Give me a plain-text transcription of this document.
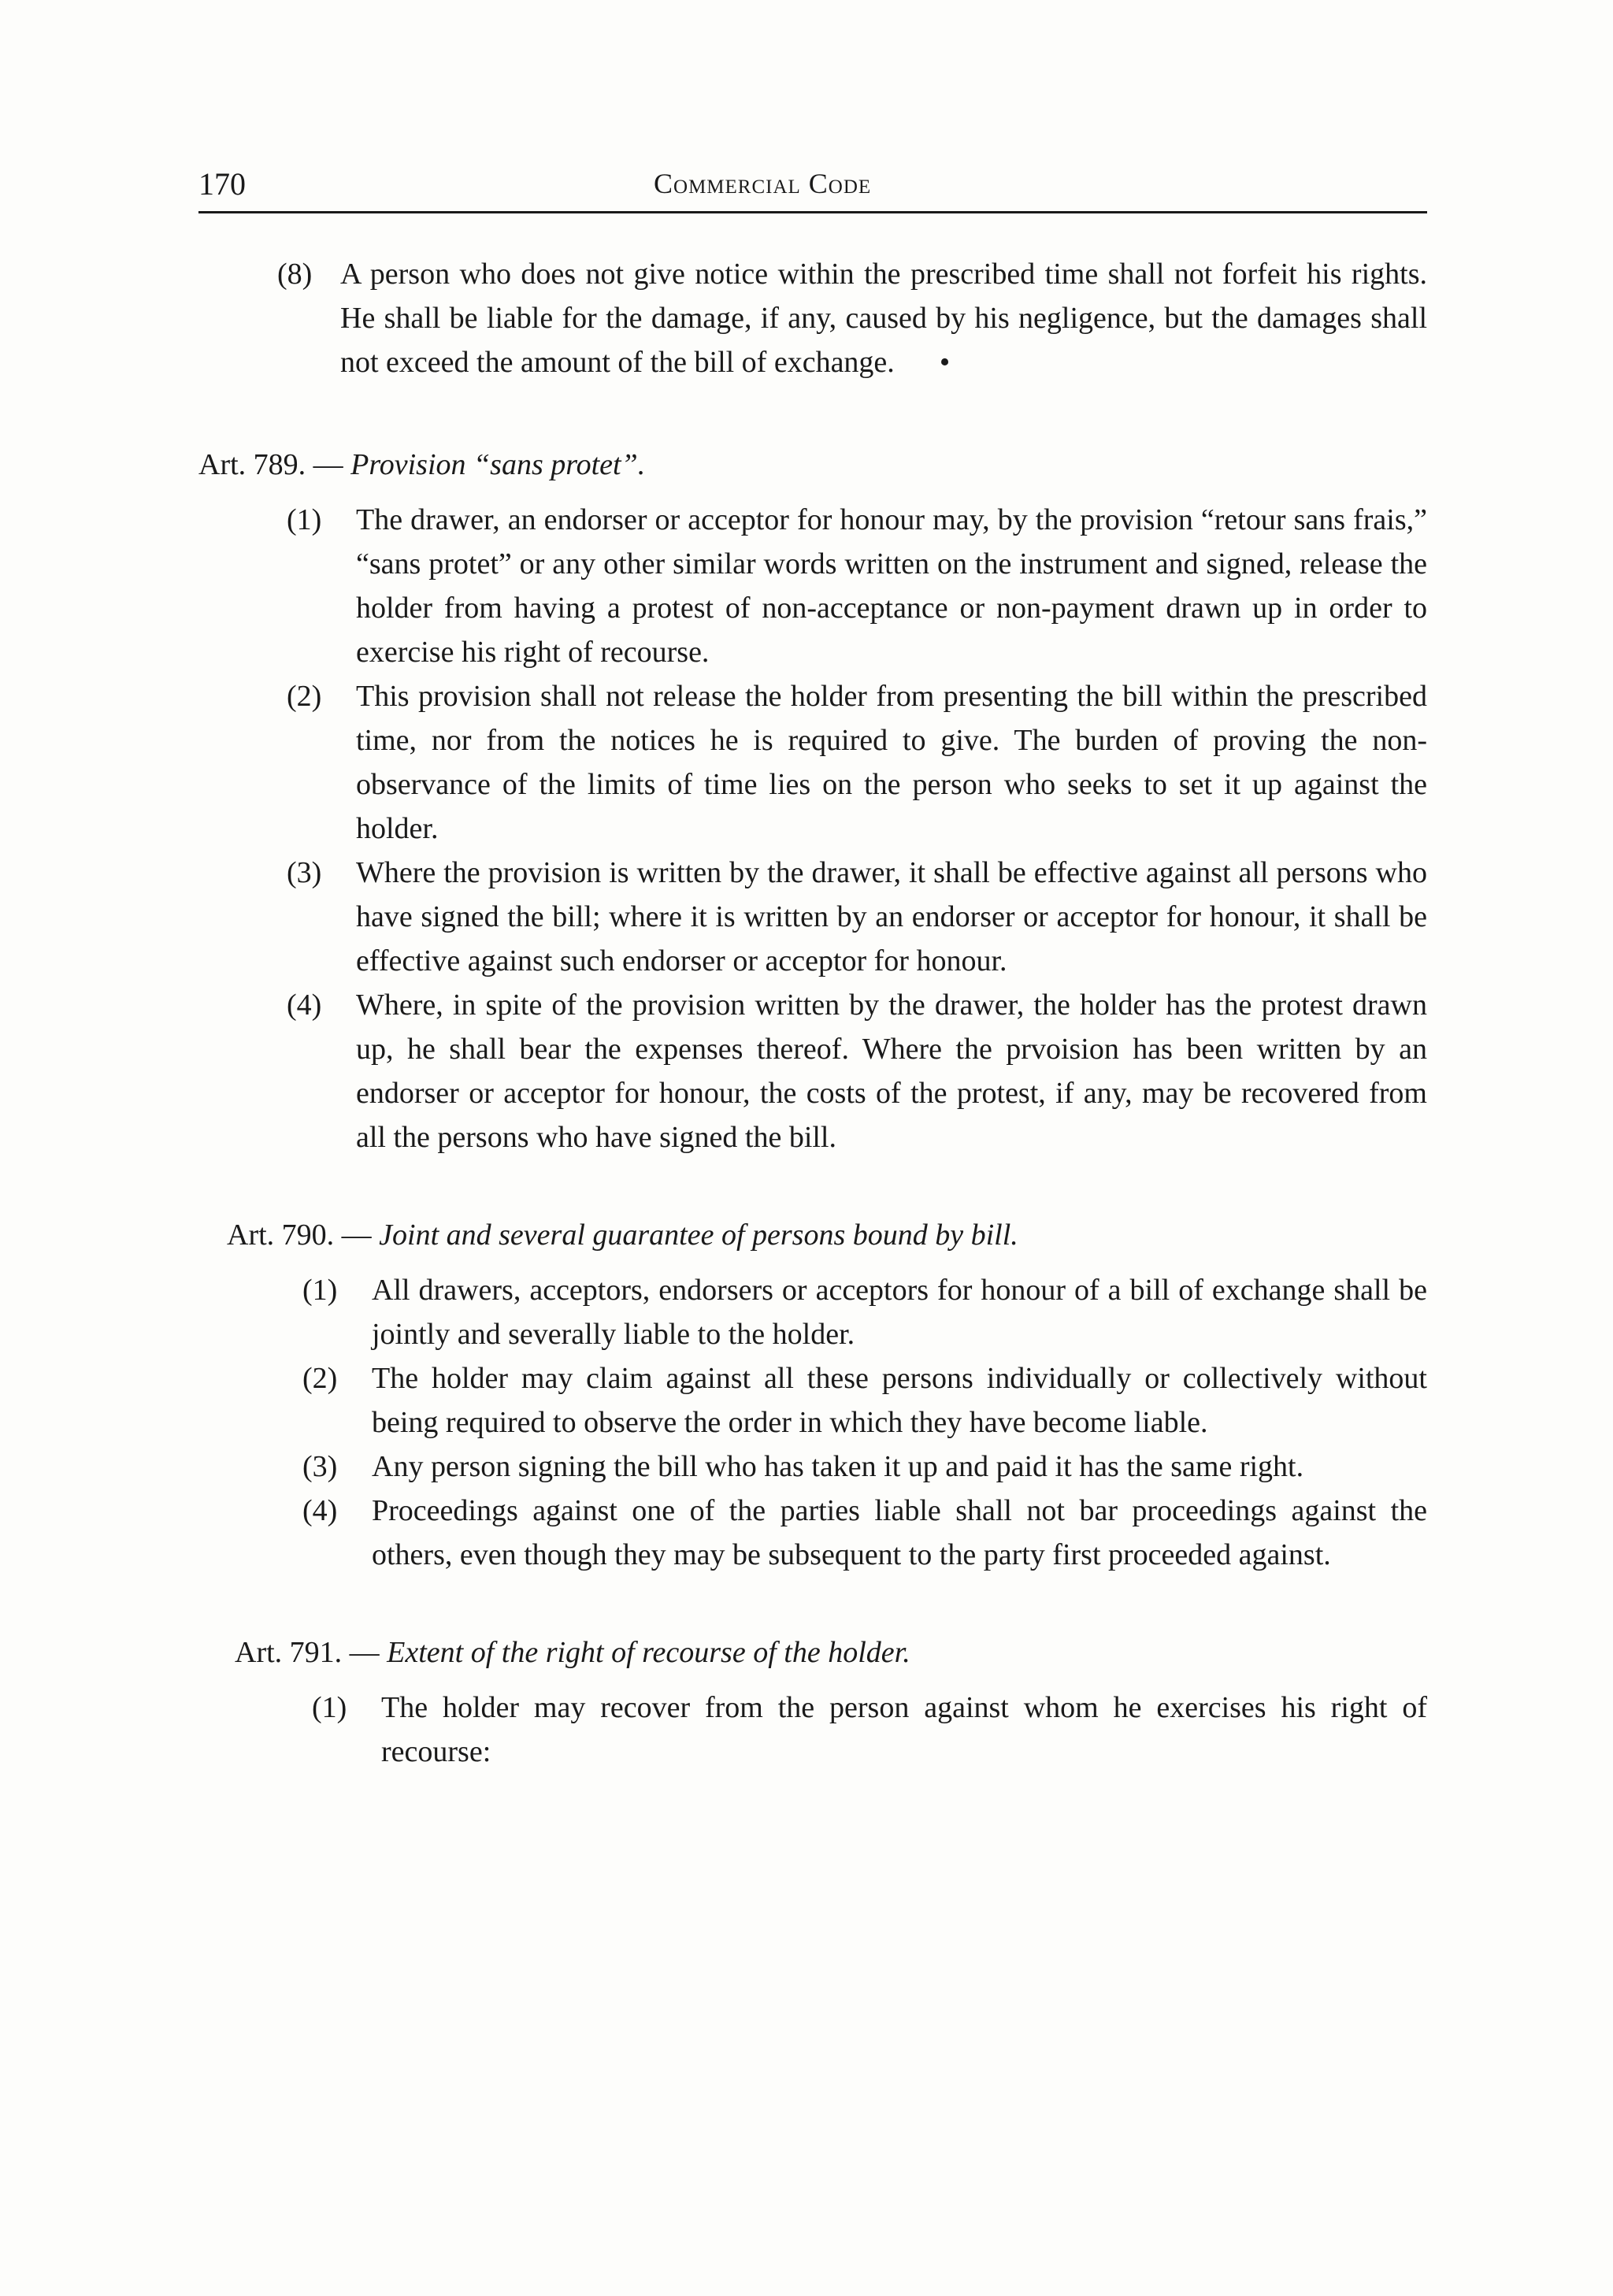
170	Commercial Code
(8) A person who does not give notice within the prescribed time shall not forfeit his rights. He shall be liable for the damage, if any, caused by his negligence, but the damages shall not exceed the amount of the bill of exchange. •

Art. 789. — Provision “sans protet”.

(1) The drawer, an endorser or acceptor for honour may, by the provision “retour sans frais,” “sans protet” or any other similar words written on the instrument and signed, release the holder from having a protest of non-acceptance or non-payment drawn up in order to exercise his right of recourse.
(2) This provision shall not release the holder from presenting the bill within the prescribed time, nor from the notices he is required to give. The burden of proving the non-observance of the limits of time lies on the person who seeks to set it up against the holder.
(3) Where the provision is written by the drawer, it shall be effective against all persons who have signed the bill; where it is written by an endorser or acceptor for honour, it shall be effective against such endorser or acceptor for honour.
(4) Where, in spite of the provision written by the drawer, the holder has the protest drawn up, he shall bear the expenses thereof. Where the prvoision has been written by an endorser or acceptor for honour, the costs of the protest, if any, may be recovered from all the persons who have signed the bill.

Art. 790. — Joint and several guarantee of persons bound by bill.

(1) All drawers, acceptors, endorsers or acceptors for honour of a bill of exchange shall be jointly and severally liable to the holder.
(2) The holder may claim against all these persons individually or collectively without being required to observe the order in which they have become liable.
(3) Any person signing the bill who has taken it up and paid it has the same right.
(4) Proceedings against one of the parties liable shall not bar proceedings against the others, even though they may be subsequent to the party first proceeded against.

Art. 791. — Extent of the right of recourse of the holder.

(1) The holder may recover from the person against whom he exercises his right of recourse:
